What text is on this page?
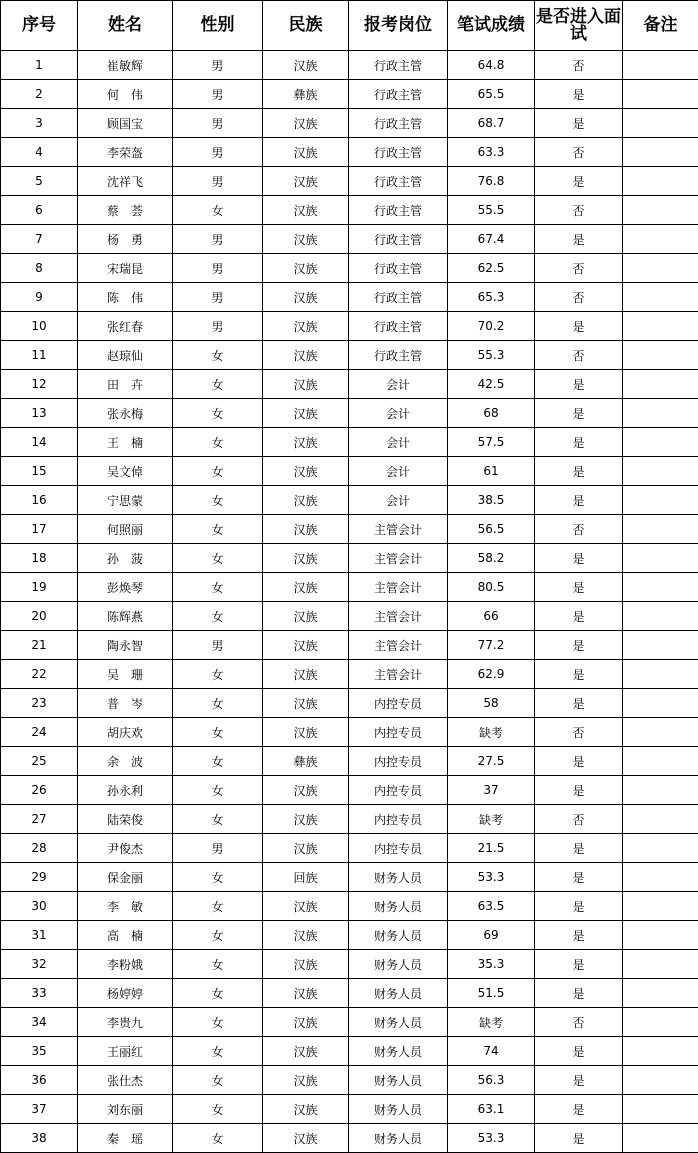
序号	姓名	性别	民族	报考岗位	笔试成绩	是否进入面试	备注
1	崔敏辉	男	汉族	行政主管	64.8	否	
2	何　伟	男	彝族	行政主管	65.5	是	
3	顾国宝	男	汉族	行政主管	68.7	是	
4	李荣盔	男	汉族	行政主管	63.3	否	
5	沈祥飞	男	汉族	行政主管	76.8	是	
6	蔡　荟	女	汉族	行政主管	55.5	否	
7	杨　勇	男	汉族	行政主管	67.4	是	
8	宋瑞昆	男	汉族	行政主管	62.5	否	
9	陈　伟	男	汉族	行政主管	65.3	否	
10	张红春	男	汉族	行政主管	70.2	是	
11	赵琼仙	女	汉族	行政主管	55.3	否	
12	田　卉	女	汉族	会计	42.5	是	
13	张永梅	女	汉族	会计	68	是	
14	王　楠	女	汉族	会计	57.5	是	
15	吴文倬	女	汉族	会计	61	是	
16	宁思蒙	女	汉族	会计	38.5	是	
17	何照丽	女	汉族	主管会计	56.5	否	
18	孙　菠	女	汉族	主管会计	58.2	是	
19	彭焕琴	女	汉族	主管会计	80.5	是	
20	陈辉燕	女	汉族	主管会计	66	是	
21	陶永智	男	汉族	主管会计	77.2	是	
22	吴　珊	女	汉族	主管会计	62.9	是	
23	普　岑	女	汉族	内控专员	58	是	
24	胡庆欢	女	汉族	内控专员	缺考	否	
25	余　波	女	彝族	内控专员	27.5	是	
26	孙永利	女	汉族	内控专员	37	是	
27	陆荣俊	女	汉族	内控专员	缺考	否	
28	尹俊杰	男	汉族	内控专员	21.5	是	
29	保金丽	女	回族	财务人员	53.3	是	
30	李　敏	女	汉族	财务人员	63.5	是	
31	高　楠	女	汉族	财务人员	69	是	
32	李粉娥	女	汉族	财务人员	35.3	是	
33	杨婷婷	女	汉族	财务人员	51.5	是	
34	李贵九	女	汉族	财务人员	缺考	否	
35	王丽红	女	汉族	财务人员	74	是	
36	张仕杰	女	汉族	财务人员	56.3	是	
37	刘东丽	女	汉族	财务人员	63.1	是	
38	秦　瑶	女	汉族	财务人员	53.3	是	
